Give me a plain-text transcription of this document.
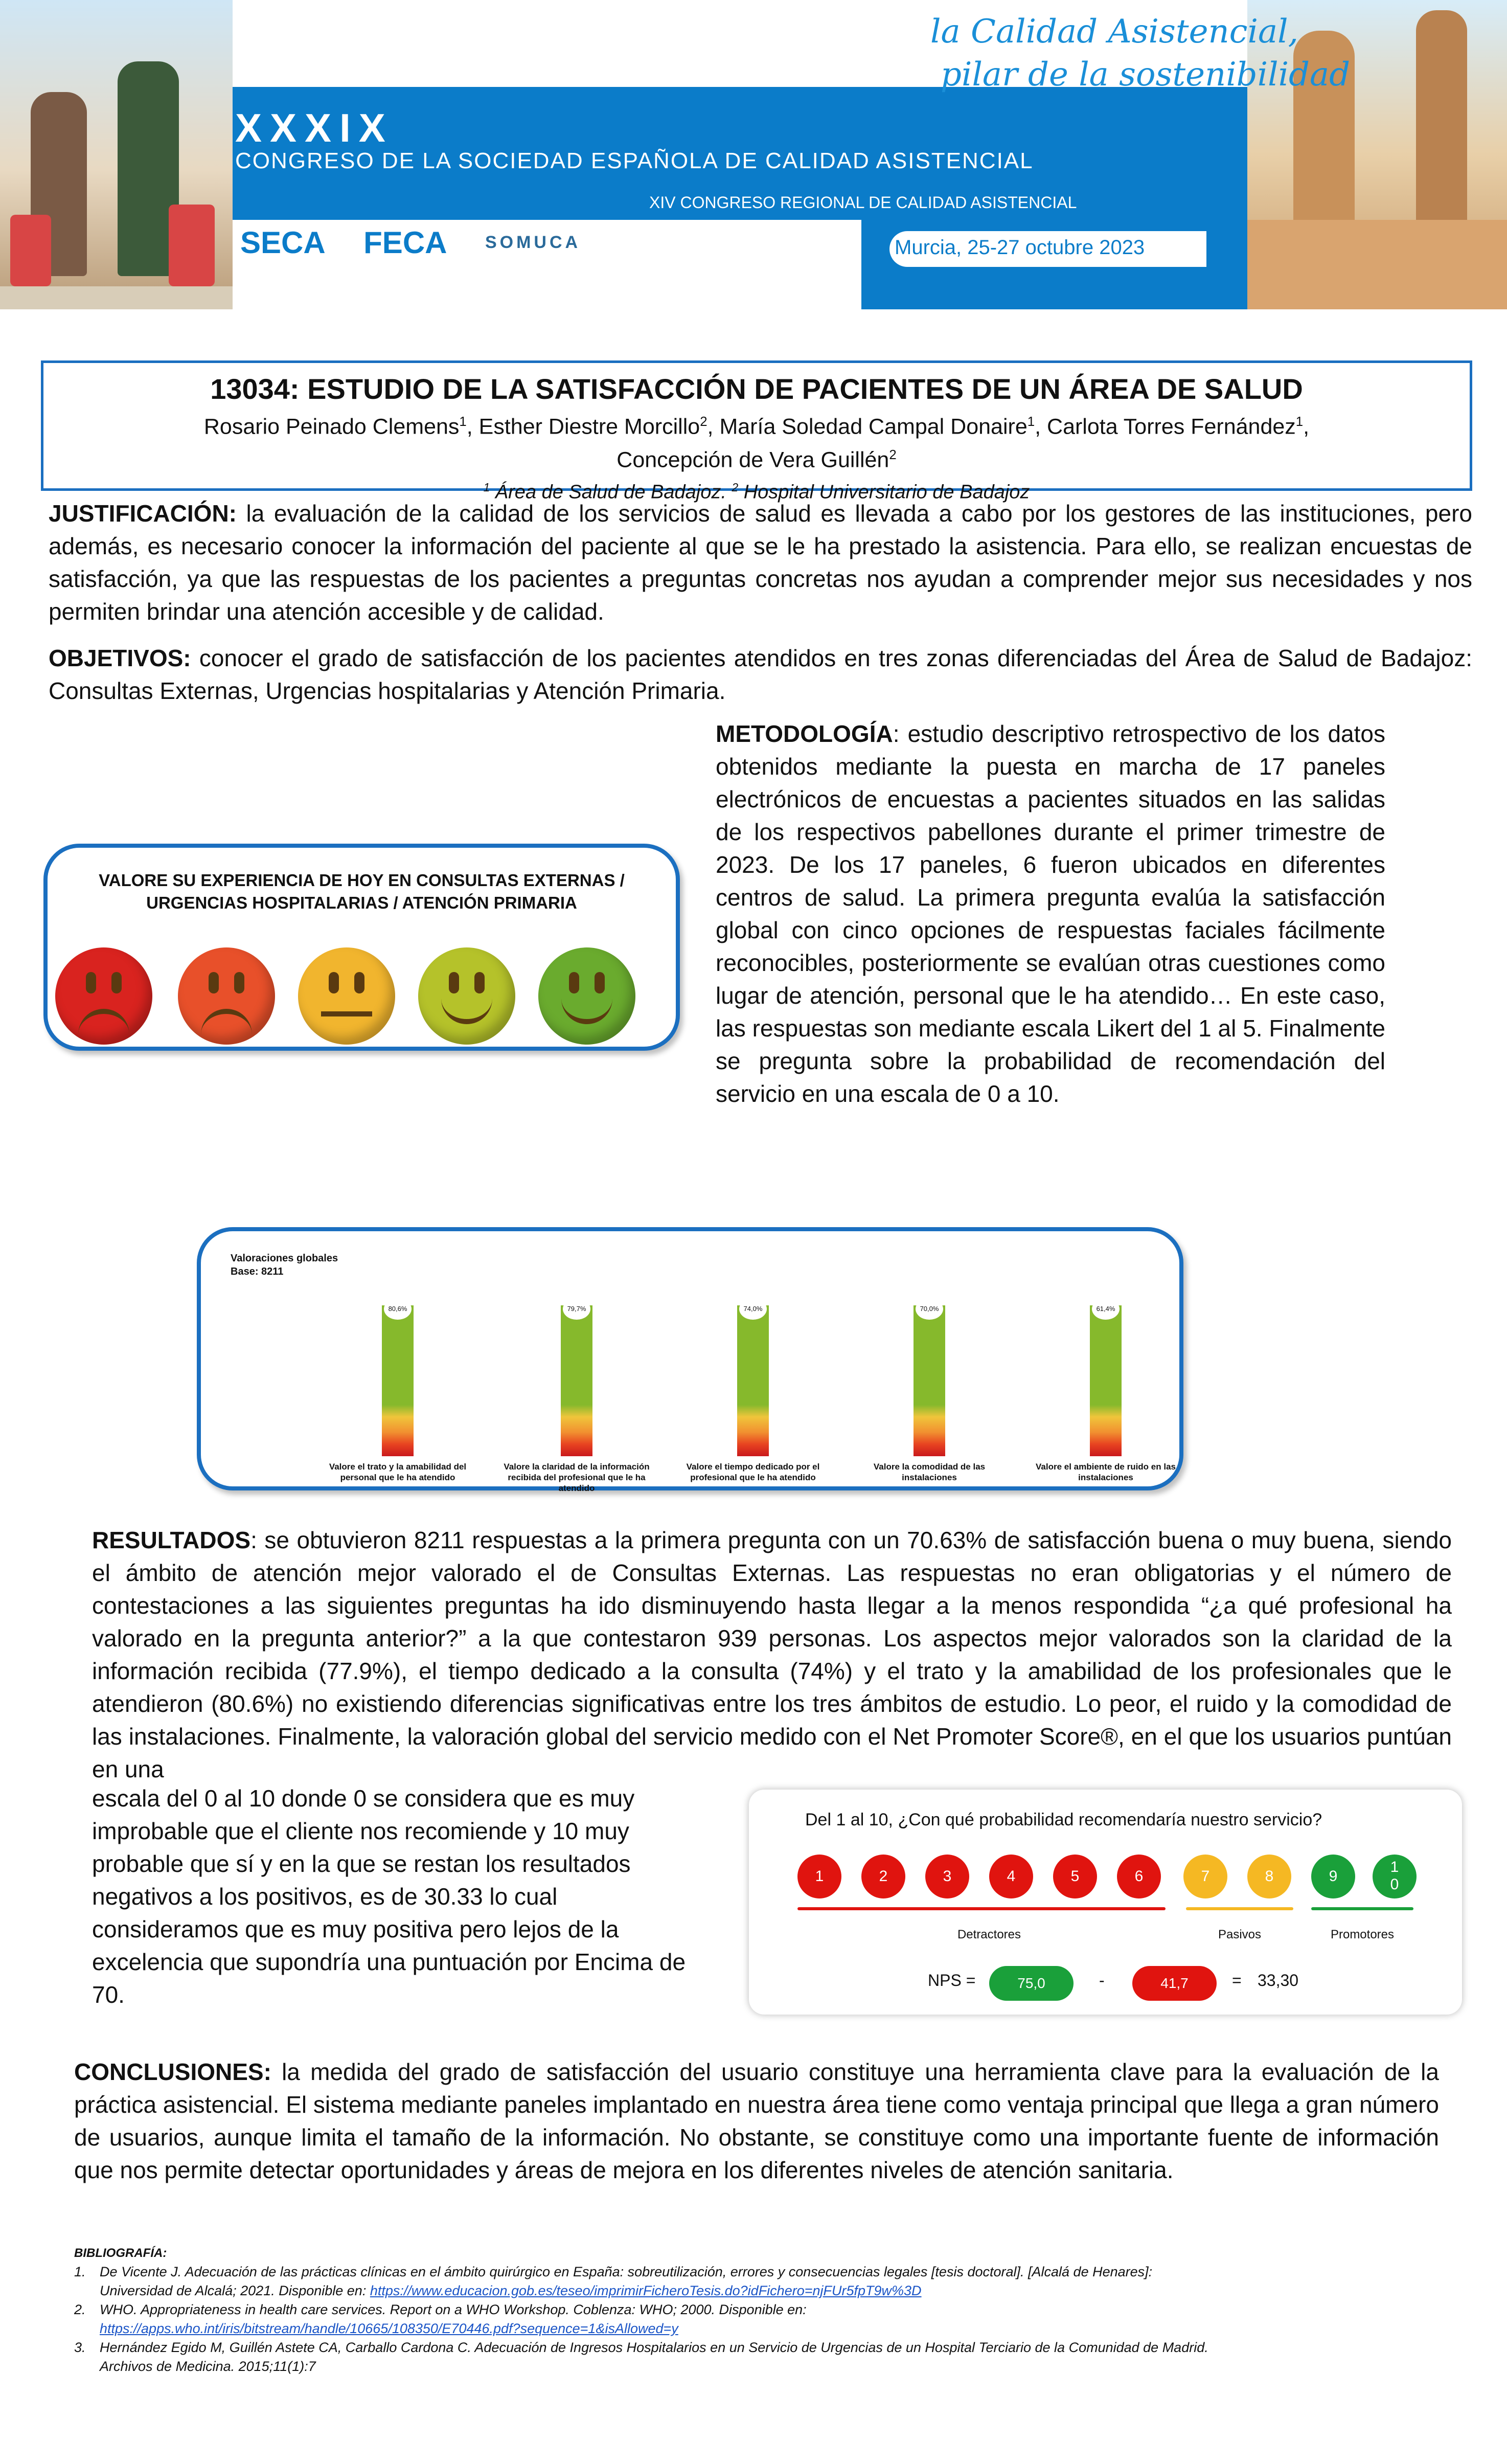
la Calidad Asistencial,
pilar de la sostenibilidad
XXXIX
CONGRESO DE LA SOCIEDAD ESPAÑOLA DE CALIDAD ASISTENCIAL
XIV CONGRESO REGIONAL DE CALIDAD ASISTENCIAL
Murcia, 25-27 octubre 2023
SECA FECA SOMUCA
13034: ESTUDIO DE LA SATISFACCIÓN DE PACIENTES DE UN ÁREA DE SALUD
Rosario Peinado Clemens$^1$, Esther Diestre Morcillo$^2$, María Soledad Campal Donaire$^1$, Carlota Torres Fernández$^1$,
Concepción de Vera Guillén$^2$
$^1$ Área de Salud de Badajoz. $^2$ Hospital Universitario de Badajoz
JUSTIFICACIÓN: la evaluación de la calidad de los servicios de salud es llevada a cabo por los gestores de las instituciones, pero además, es necesario conocer la información del paciente al que se le ha prestado la asistencia. Para ello, se realizan encuestas de satisfacción, ya que las respuestas de los pacientes a preguntas concretas nos ayudan a comprender mejor sus necesidades y nos permiten brindar una atención accesible y de calidad.
OBJETIVOS: conocer el grado de satisfacción de los pacientes atendidos en tres zonas diferenciadas del Área de Salud de Badajoz: Consultas Externas, Urgencias hospitalarias y Atención Primaria.
METODOLOGÍA: estudio descriptivo retrospectivo de los datos obtenidos mediante la puesta en marcha de 17 paneles electrónicos de encuestas a pacientes situados en las salidas de los respectivos pabellones durante el primer trimestre de 2023. De los 17 paneles, 6 fueron ubicados en diferentes centros de salud. La primera pregunta evalúa la satisfacción global con cinco opciones de respuestas faciales fácilmente reconocibles, posteriormente se evalúan otras cuestiones como lugar de atención, personal que le ha atendido… En este caso, las respuestas son mediante escala Likert del 1 al 5. Finalmente se pregunta sobre la probabilidad de recomendación del servicio en una escala de 0 a 10.
VALORE SU EXPERIENCIA DE HOY EN CONSULTAS EXTERNAS /
URGENCIAS HOSPITALARIAS / ATENCIÓN PRIMARIA
Valoraciones globales
Base: 8211
80,6%
Valore el trato y la amabilidad del personal que le ha atendido
79,7%
Valore la claridad de la información recibida del profesional que le ha atendido
74,0%
Valore el tiempo dedicado por el profesional que le ha atendido
70,0%
Valore la comodidad de las instalaciones
61,4%
Valore el ambiente de ruido en las instalaciones
RESULTADOS: se obtuvieron 8211 respuestas a la primera pregunta con un 70.63% de satisfacción buena o muy buena, siendo el ámbito de atención mejor valorado el de Consultas Externas. Las respuestas no eran obligatorias y el número de contestaciones a las siguientes preguntas ha ido disminuyendo hasta llegar a la menos respondida “¿a qué profesional ha valorado en la pregunta anterior?” a la que contestaron 939 personas. Los aspectos mejor valorados son la claridad de la información recibida (77.9%), el tiempo dedicado a la consulta (74%) y el trato y la amabilidad de los profesionales que le atendieron (80.6%) no existiendo diferencias significativas entre los tres ámbitos de estudio. Lo peor, el ruido y la comodidad de las instalaciones. Finalmente, la valoración global del servicio medido con el Net Promoter Score®, en el que los usuarios puntúan en una
escala del 0 al 10 donde 0 se considera que es muy improbable que el cliente nos recomiende y 10 muy probable que sí y en la que se restan los resultados negativos a los positivos, es de 30.33 lo cual consideramos que es muy positiva pero lejos de la excelencia que supondría una puntuación por Encima de 70.
Del 1 al 10, ¿Con qué probabilidad recomendaría nuestro servicio?
1	2	3	4	5	6	7	8	9
1
0
Detractores	Pasivos	Promotores
NPS =	75,0	-	41,7	= 33,30
CONCLUSIONES: la medida del grado de satisfacción del usuario constituye una herramienta clave para la evaluación de la práctica asistencial. El sistema mediante paneles implantado en nuestra área tiene como ventaja principal que llega a gran número de usuarios, aunque limita el tamaño de la información. No obstante, se constituye como una importante fuente de información que nos permite detectar oportunidades y áreas de mejora en los diferentes niveles de atención sanitaria.
BIBLIOGRAFÍA:
1. De Vicente J. Adecuación de las prácticas clínicas en el ámbito quirúrgico en España: sobreutilización, errores y consecuencias legales [tesis doctoral]. [Alcalá de Henares]:
Universidad de Alcalá; 2021. Disponible en: https://www.educacion.gob.es/teseo/imprimirFicheroTesis.do?idFichero=njFUr5fpT9w%3D
2. WHO. Appropriateness in health care services. Report on a WHO Workshop. Coblenza: WHO; 2000. Disponible en:
https://apps.who.int/iris/bitstream/handle/10665/108350/E70446.pdf?sequence=1&isAllowed=y
3. Hernández Egido M, Guillén Astete CA, Carballo Cardona C. Adecuación de Ingresos Hospitalarios en un Servicio de Urgencias de un Hospital Terciario de la Comunidad de Madrid.
Archivos de Medicina. 2015;11(1):7
